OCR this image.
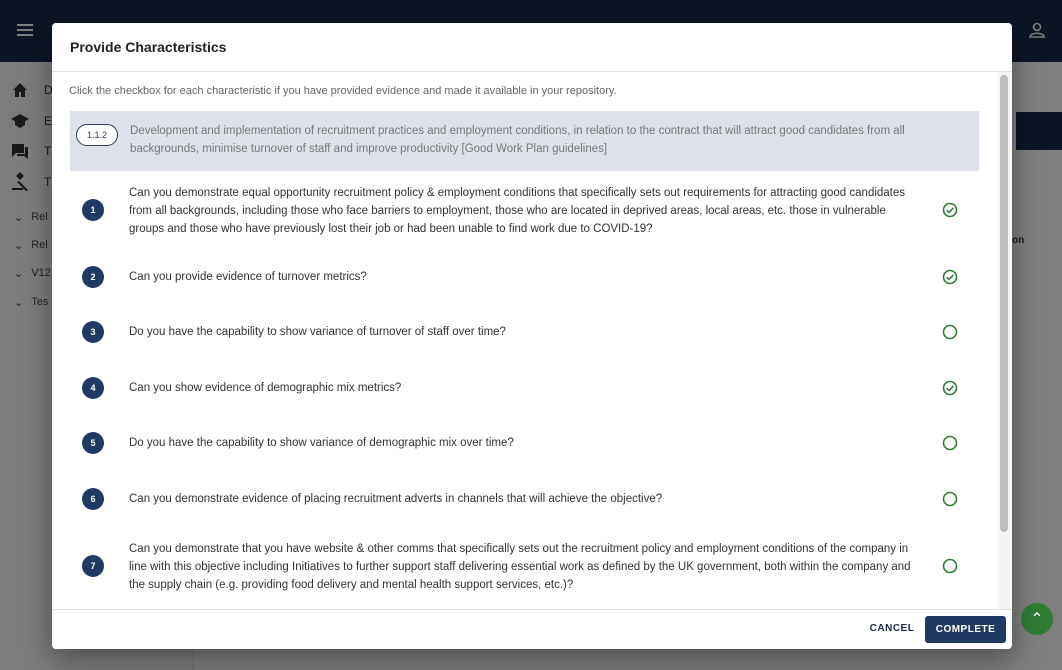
⌃
Provide Characteristics
Click the checkbox for each characteristic if you have provided evidence and made it available in your repository.
1.1.2	Development and implementation of recruitment practices and employment conditions, in relation to the contract that will attract good candidates from all backgrounds, minimise turnover of staff and improve productivity [Good Work Plan guidelines]
1
Can you demonstrate equal opportunity recruitment policy & employment conditions that specifically sets out requirements for attracting good candidates from all backgrounds, including those who face barriers to employment, those who are located in deprived areas, local areas, etc. those in vulnerable groups and those who have previously lost their job or had been unable to find work due to COVID-19?
2	Can you provide evidence of turnover metrics?
3	Do you have the capability to show variance of turnover of staff over time?
4	Can you show evidence of demographic mix metrics?
5	Do you have the capability to show variance of demographic mix over time?
6	Can you demonstrate evidence of placing recruitment adverts in channels that will achieve the objective?
7
Can you demonstrate that you have website & other comms that specifically sets out the recruitment policy and employment conditions of the company in line with this objective including Initiatives to further support staff delivering essential work as defined by the UK government, both within the company and the supply chain (e.g. providing food delivery and mental health support services, etc.)?
CANCEL	COMPLETE
